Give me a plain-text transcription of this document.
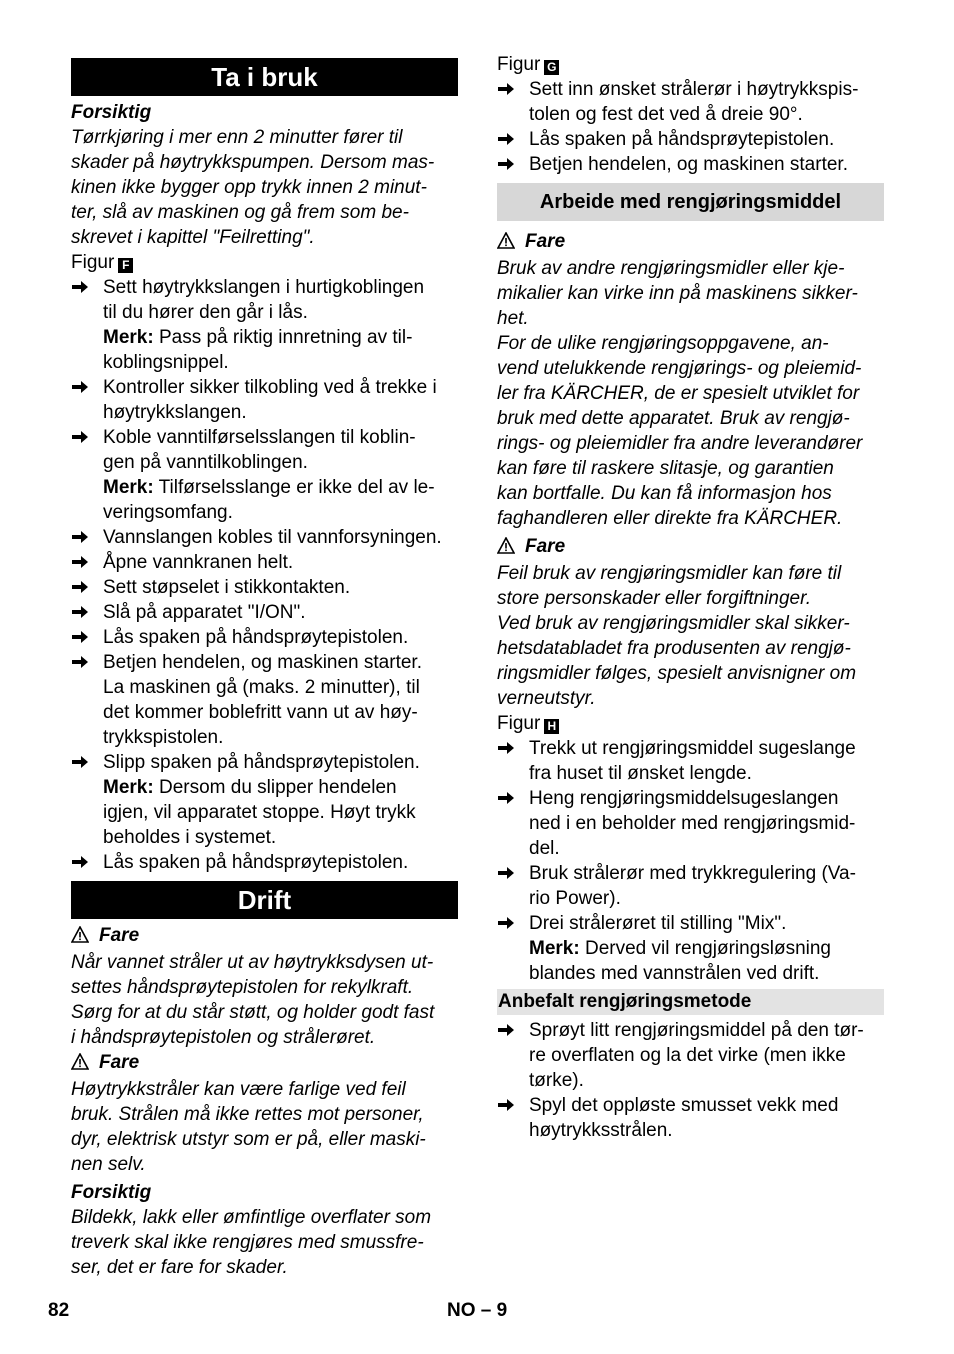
Ta i bruk

Forsiktig

Tørrkjøring i mer enn 2 minutter fører til
skader på høytrykkspumpen. Dersom mas-
kinen ikke bygger opp trykk innen 2 minut-
ter, slå av maskinen og gå frem som be-
skrevet i kapittel "Feilretting".

Figur F

Sett høytrykkslangen i hurtigkoblingen
til du hører den går i lås.
Merk: Pass på riktig innretning av til-
koblingsnippel.
Kontroller sikker tilkobling ved å trekke i
høytrykkslangen.
Koble vanntilførselsslangen til koblin-
gen på vanntilkoblingen.
Merk: Tilførselsslange er ikke del av le-
veringsomfang.
Vannslangen kobles til vannforsyningen.
Åpne vannkranen helt.
Sett støpselet i stikkontakten.
Slå på apparatet "I/ON".
Lås spaken på håndsprøytepistolen.
Betjen hendelen, og maskinen starter.
La maskinen gå (maks. 2 minutter), til
det kommer boblefritt vann ut av høy-
trykkspistolen.
Slipp spaken på håndsprøytepistolen.
Merk: Dersom du slipper hendelen
igjen, vil apparatet stoppe. Høyt trykk
beholdes i systemet.
Lås spaken på håndsprøytepistolen.
Drift

Fare

Når vannet stråler ut av høytrykksdysen ut-
settes håndsprøytepistolen for rekylkraft.
Sørg for at du står støtt, og holder godt fast
i håndsprøytepistolen og strålerøret.

Fare

Høytrykkstråler kan være farlige ved feil
bruk. Strålen må ikke rettes mot personer,
dyr, elektrisk utstyr som er på, eller maski-
nen selv.

Forsiktig

Bildekk, lakk eller ømfintlige overflater som
treverk skal ikke rengjøres med smussfre-
ser, det er fare for skader.

Figur G

Sett inn ønsket strålerør i høytrykkspis-
tolen og fest det ved å dreie 90°.
Lås spaken på håndsprøytepistolen.
Betjen hendelen, og maskinen starter.
Arbeide med rengjøringsmiddel

Fare

Bruk av andre rengjøringsmidler eller kje-
mikalier kan virke inn på maskinens sikker-
het.
For de ulike rengjøringsoppgavene, an-
vend utelukkende rengjørings- og pleiemid-
ler fra KÄRCHER, de er spesielt utviklet for
bruk med dette apparatet. Bruk av rengjø-
rings- og pleiemidler fra andre leverandører
kan føre til raskere slitasje, og garantien
kan bortfalle. Du kan få informasjon hos
faghandleren eller direkte fra KÄRCHER.

Fare

Feil bruk av rengjøringsmidler kan føre til
store personskader eller forgiftninger.
Ved bruk av rengjøringsmidler skal sikker-
hetsdatabladet fra produsenten av rengjø-
ringsmidler følges, spesielt anvisnigner om
verneutstyr.

Figur H

Trekk ut rengjøringsmiddel sugeslange
fra huset til ønsket lengde.
Heng rengjøringsmiddelsugeslangen
ned i en beholder med rengjøringsmid-
del.
Bruk strålerør med trykkregulering (Va-
rio Power).
Drei strålerøret til stilling "Mix".
Merk: Derved vil rengjøringsløsning
blandes med vannstrålen ved drift.
Anbefalt rengjøringsmetode
Sprøyt litt rengjøringsmiddel på den tør-
re overflaten og la det virke (men ikke
tørke).
Spyl det oppløste smusset vekk med
høytrykksstrålen.
82	NO – 9
